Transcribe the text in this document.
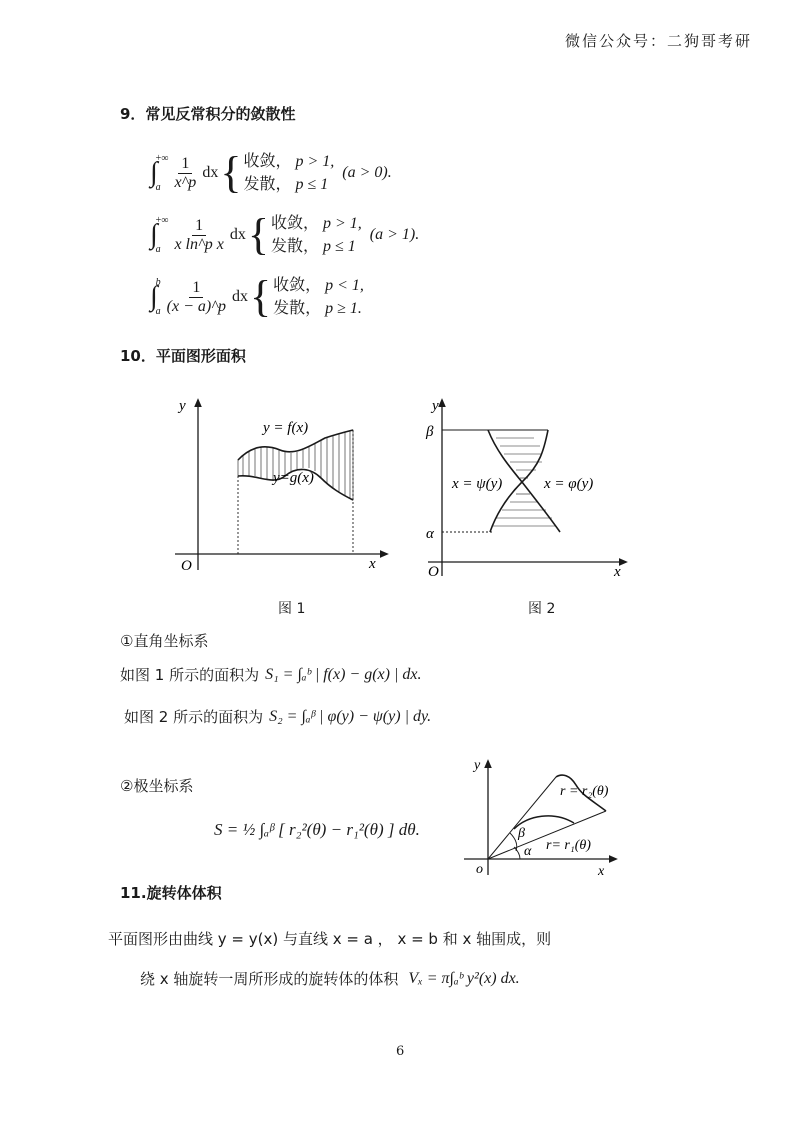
微信公众号：二狗哥考研
9．常见反常积分的敛散性
∫
+∞
a $\frac{1}{x\^{}p}$ dx { 收敛， p > 1,
发散， p ≤ 1
(a > 0).
∫
+∞
a $\frac{1}{\text{x ln\textasciicircum{}p x}}$ dx { 收敛， p > 1,
发散， p ≤ 1
(a > 1).
∫
b
a $\frac{1}{(x - a)\^{}p}$ dx { 收敛， p < 1,
发散， p ≥ 1.
10．平面图形面积
y
x
O
y = f(x)
y=g(x)
图 1
y
x
O
β
α
x = ψ(y)	x = φ(y)
图 2
①直角坐标系
如图 1 所示的面积为 S₁ = ∫ₐᵇ | f(x) − g(x) | dx.
如图 2 所示的面积为 S₂ = ∫ₐᵝ | φ(y) − ψ(y) | dy.
②极坐标系
S = ½ ∫ₐᵝ [ r₂²(θ) − r₁²(θ) ] dθ.
y
x
o
r = r₂(θ)
r= r₁(θ)
β
α
11.旋转体体积
平面图形由曲线 y = y(x) 与直线 x = a ， x = b 和 x 轴围成，则
绕 x 轴旋转一周所形成的旋转体的体积 Vₓ = π∫ₐᵇ y²(x) dx.
6
